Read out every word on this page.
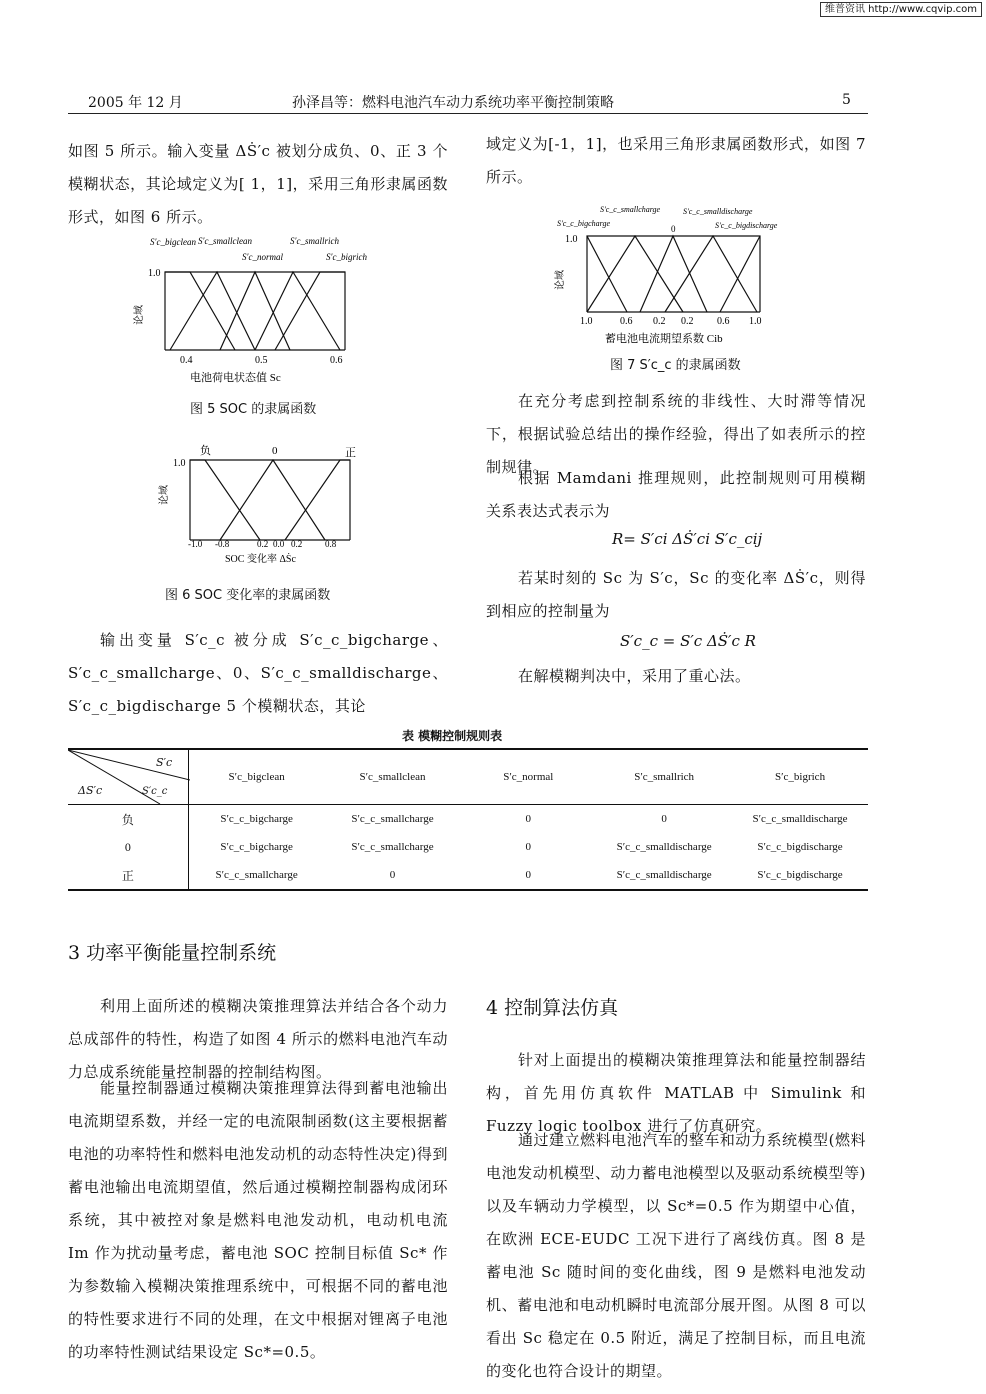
维普资讯 http://www.cqvip.com
2005 年 12 月	孙泽昌等：燃料电池汽车动力系统功率平衡控制策略	5

如图 5 所示。输入变量 ΔṠ′c 被划分成负、0、正 3 个模糊状态，其论域定义为[ 1，1]，采用三角形隶属函数形式，如图 6 所示。

S′c_bigclean S′c_smallclean
S′c_normal
S′c_smallrich
S′c_bigrich
1.0
论域
0.4	0.5	0.6
电池荷电状态值 Sc
图 5 SOC 的隶属函数
负	0	正
1.0
论域
-1.0 -0.8	0.2 0.0 0.2	0.8
SOC 变化率 ΔṠc
图 6 SOC 变化率的隶属函数

输出变量 S′c_c 被分成 S′c_c_bigcharge、S′c_c_smallcharge、0、S′c_c_smalldischarge、S′c_c_bigdischarge 5 个模糊状态，其论

域定义为[-1，1]，也采用三角形隶属函数形式，如图 7 所示。

S′c_c_smallcharge	S′c_c_smalldischarge
S′c_c_bigcharge
0	S′c_c_bigdischarge
1.0
论域
1.0	0.6 0.2 0.2 0.6 1.0
蓄电池电流期望系数 Cib
图 7 S′c_c 的隶属函数

在充分考虑到控制系统的非线性、大时滞等情况下，根据试验总结出的操作经验，得出了如表所示的控制规律。

根据 Mamdani 推理规则，此控制规则可用模糊关系表达式表示为

R= S′ci ΔṠ′ci S′c_cij

若某时刻的 Sc 为 S′c，Sc 的变化率 ΔṠ′c，则得到相应的控制量为

S′c_c = S′c ΔṠ′c R

在解模糊判决中，采用了重心法。

表 模糊控制规则表
S′c
ΔS′c	S′c_c
	S′c_bigclean	S′c_smallclean	S′c_normal	S′c_smallrich	S′c_bigrich
负	S′c_c_bigcharge	S′c_c_smallcharge	0	0	S′c_c_smalldischarge
0	S′c_c_bigcharge	S′c_c_smallcharge	0	S′c_c_smalldischarge	S′c_c_bigdischarge
正	S′c_c_smallcharge	0	0	S′c_c_smalldischarge	S′c_c_bigdischarge
3 功率平衡能量控制系统

利用上面所述的模糊决策推理算法并结合各个动力总成部件的特性，构造了如图 4 所示的燃料电池汽车动力总成系统能量控制器的控制结构图。

能量控制器通过模糊决策推理算法得到蓄电池输出电流期望系数，并经一定的电流限制函数(这主要根据蓄电池的功率特性和燃料电池发动机的动态特性决定)得到蓄电池输出电流期望值，然后通过模糊控制器构成闭环系统，其中被控对象是燃料电池发动机，电动机电流 Im 作为扰动量考虑，蓄电池 SOC 控制目标值 Sc* 作为参数输入模糊决策推理系统中，可根据不同的蓄电池的特性要求进行不同的处理，在文中根据对锂离子电池的功率特性测试结果设定 Sc*=0.5。

4 控制算法仿真

针对上面提出的模糊决策推理算法和能量控制器结构，首先用仿真软件 MATLAB 中 Simulink 和 Fuzzy logic toolbox 进行了仿真研究。

通过建立燃料电池汽车的整车和动力系统模型(燃料电池发动机模型、动力蓄电池模型以及驱动系统模型等)以及车辆动力学模型，以 Sc*=0.5 作为期望中心值，在欧洲 ECE-EUDC 工况下进行了离线仿真。图 8 是蓄电池 Sc 随时间的变化曲线，图 9 是燃料电池发动机、蓄电池和电动机瞬时电流部分展开图。从图 8 可以看出 Sc 稳定在 0.5 附近，满足了控制目标，而且电流的变化也符合设计的期望。
